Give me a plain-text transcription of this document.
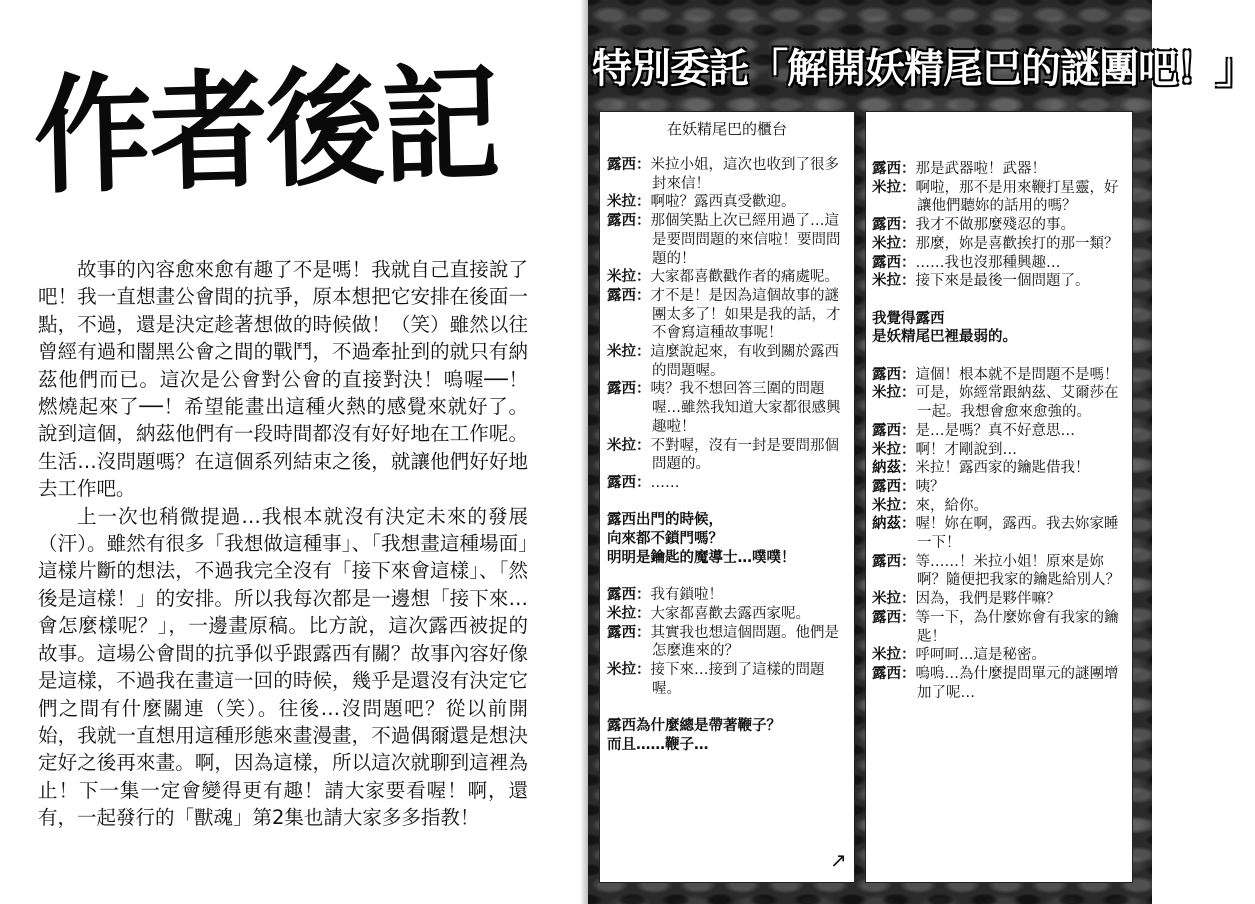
作者後記

故事的內容愈來愈有趣了不是嗎！我就自己直接說了吧！我一直想畫公會間的抗爭，原本想把它安排在後面一點，不過，還是決定趁著想做的時候做！（笑）雖然以往曾經有過和闇黑公會之間的戰鬥，不過牽扯到的就只有納茲他們而已。這次是公會對公會的直接對決！嗚喔──！燃燒起來了──！希望能畫出這種火熱的感覺來就好了。說到這個，納茲他們有一段時間都沒有好好地在工作呢。生活…沒問題嗎？在這個系列結束之後，就讓他們好好地去工作吧。

上一次也稍微提過…我根本就沒有決定未來的發展（汗）。雖然有很多「我想做這種事」、「我想畫這種場面」這樣片斷的想法，不過我完全沒有「接下來會這樣」、「然後是這樣！」的安排。所以我每次都是一邊想「接下來…會怎麼樣呢？」，一邊畫原稿。比方說，這次露西被捉的故事。這場公會間的抗爭似乎跟露西有關？故事內容好像是這樣，不過我在畫這一回的時候，幾乎是還沒有決定它們之間有什麼關連（笑）。往後…沒問題吧？從以前開始，我就一直想用這種形態來畫漫畫，不過偶爾還是想決定好之後再來畫。啊，因為這樣，所以這次就聊到這裡為止！下一集一定會變得更有趣！請大家要看喔！啊，還有，一起發行的「獸魂」第2集也請大家多多指教！

特別委託「解開妖精尾巴的謎團吧！」
在妖精尾巴的櫃台

露西：米拉小姐，這次也收到了很多封來信！

米拉：啊啦？露西真受歡迎。

露西：那個笑點上次已經用過了…這是要問問題的來信啦！要問問題的！

米拉：大家都喜歡戳作者的痛處呢。

露西：才不是！是因為這個故事的謎團太多了！如果是我的話，才不會寫這種故事呢！

米拉：這麼說起來，有收到關於露西的問題喔。

露西：咦？我不想回答三圍的問題喔…雖然我知道大家都很感興趣啦！

米拉：不對喔，沒有一封是要問那個問題的。

露西：……

露西出門的時候，

向來都不鎖門嗎？

明明是鑰匙的魔導士…噗噗！

露西：我有鎖啦！

米拉：大家都喜歡去露西家呢。

露西：其實我也想這個問題。他們是怎麼進來的？

米拉：接下來…接到了這樣的問題喔。

露西為什麼總是帶著鞭子？

而且……鞭子…

↗

露西：那是武器啦！武器！

米拉：啊啦，那不是用來鞭打星靈，好讓他們聽妳的話用的嗎？

露西：我才不做那麼殘忍的事。

米拉：那麼，妳是喜歡挨打的那一類？

露西：……我也沒那種興趣…

米拉：接下來是最後一個問題了。

我覺得露西

是妖精尾巴裡最弱的。

露西：這個！根本就不是問題不是嗎！

米拉：可是，妳經常跟納茲、艾爾莎在一起。我想會愈來愈強的。

露西：是…是嗎？真不好意思…

米拉：啊！才剛說到…

納茲：米拉！露西家的鑰匙借我！

露西：咦？

米拉：來，給你。

納茲：喔！妳在啊，露西。我去妳家睡一下！

露西：等……！米拉小姐！原來是妳啊？隨便把我家的鑰匙給別人？

米拉：因為，我們是夥伴嘛？

露西：等一下，為什麼妳會有我家的鑰匙！

米拉：呼呵呵…這是秘密。

露西：嗚嗚…為什麼提問單元的謎團增加了呢…
